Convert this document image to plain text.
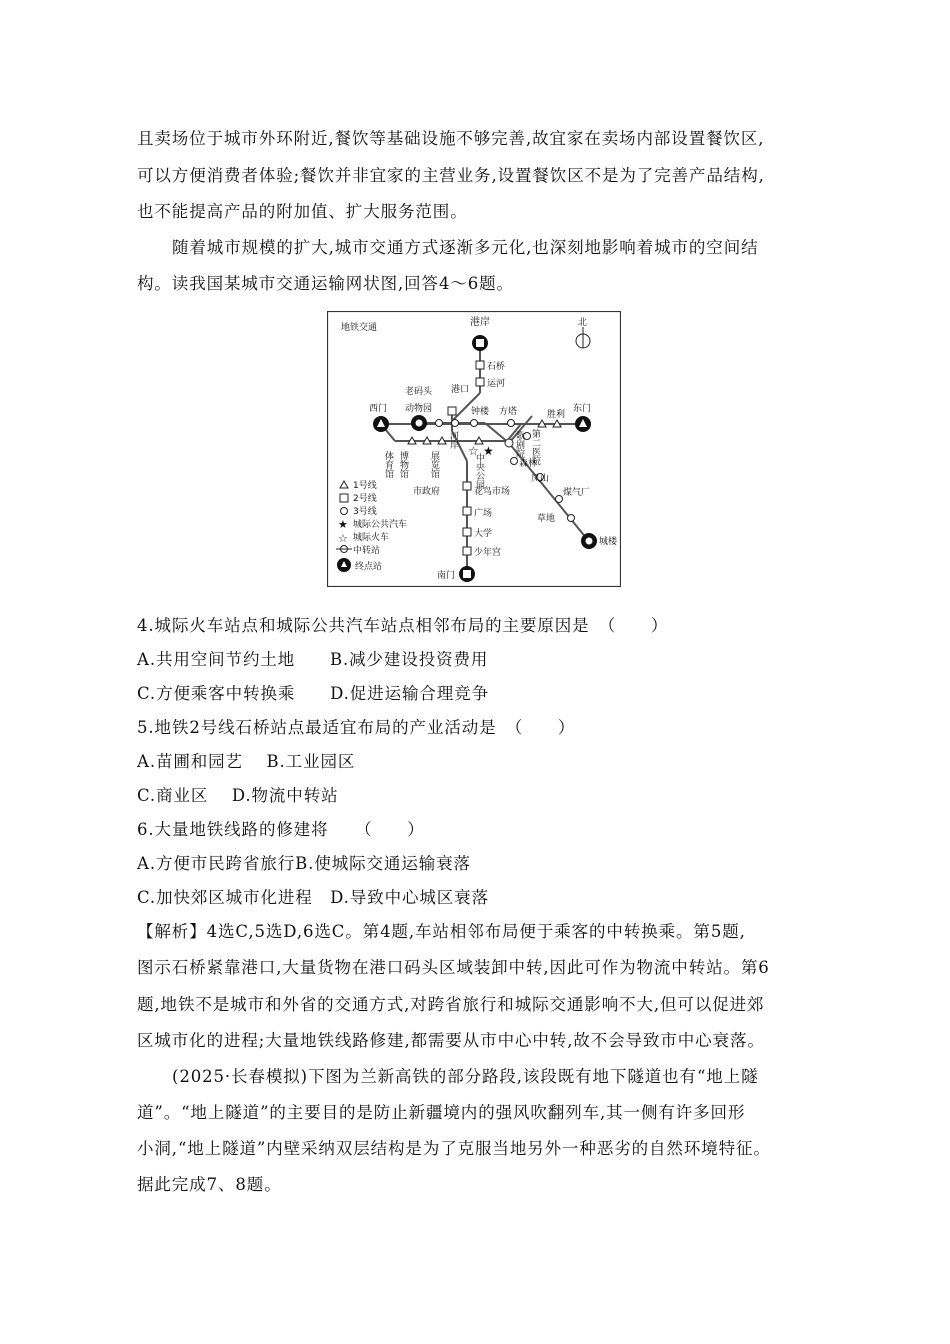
且卖场位于城市外环附近,餐饮等基础设施不够完善,故宜家在卖场内部设置餐饮区,
可以方便消费者体验;餐饮并非宜家的主营业务,设置餐饮区不是为了完善产品结构,
也不能提高产品的附加值、扩大服务范围。
随着城市规模的扩大,城市交通方式逐渐多元化,也深刻地影响着城市的空间结
构。读我国某城市交通运输网状图,回答4～6题。
地铁交通	北
★
☆
港岸
石桥
运河
港口
老码头
西门 动物园	钟楼 方塔	胜利
东门
河岸
中央公园
歌剧院 第二医院
森林
凤山
煤气厂
草地
城楼
体育馆 博物馆 展览馆
市政府	花鸟市场
广场
大学
少年宫
南门
1号线
2号线
3号线
★ 城际公共汽车
☆ 城际火车
中转站
终点站
4.城际火车站点和城际公共汽车站点相邻布局的主要原因是　（　　）
A.共用空间节约土地　　B.减少建设投资费用
C.方便乘客中转换乘　　D.促进运输合理竞争
5.地铁2号线石桥站点最适宜布局的产业活动是　（　　）
A.苗圃和园艺　 B.工业园区
C.商业区　 D.物流中转站
6.大量地铁线路的修建将　　（　　）
A.方便市民跨省旅行B.使城际交通运输衰落
C.加快郊区城市化进程　D.导致中心城区衰落
【解析】4选C,5选D,6选C。第4题,车站相邻布局便于乘客的中转换乘。第5题,
图示石桥紧靠港口,大量货物在港口码头区域装卸中转,因此可作为物流中转站。第6
题,地铁不是城市和外省的交通方式,对跨省旅行和城际交通影响不大,但可以促进郊
区城市化的进程;大量地铁线路修建,都需要从市中心中转,故不会导致市中心衰落。
(2025·长春模拟)下图为兰新高铁的部分路段,该段既有地下隧道也有“地上隧
道”。“地上隧道”的主要目的是防止新疆境内的强风吹翻列车,其一侧有许多回形
小洞,“地上隧道”内壁采纳双层结构是为了克服当地另外一种恶劣的自然环境特征。
据此完成7、8题。
